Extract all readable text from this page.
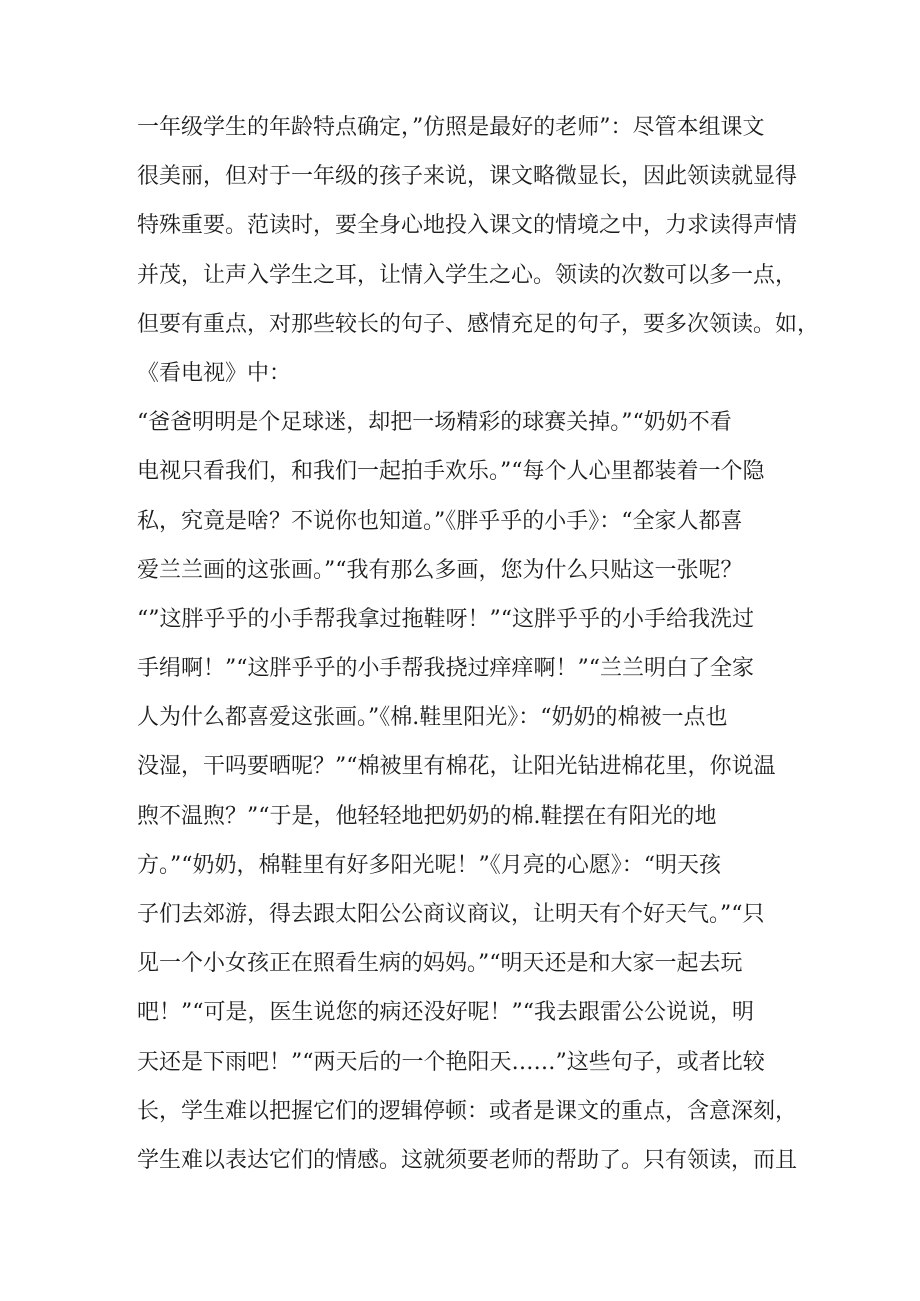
一年级学生的年龄特点确定，”仿照是最好的老师”：尽管本组课文
很美丽，但对于一年级的孩子来说，课文略微显长，因此领读就显得
特殊重要。范读时，要全身心地投入课文的情境之中，力求读得声情
并茂，让声入学生之耳，让情入学生之心。领读的次数可以多一点，
但要有重点，对那些较长的句子、感情充足的句子，要多次领读。如，
《看电视》中：
“爸爸明明是个足球迷，却把一场精彩的球赛关掉。”“奶奶不看
电视只看我们，和我们一起拍手欢乐。”“每个人心里都装着一个隐
私，究竟是啥？不说你也知道。”《胖乎乎的小手》：“全家人都喜
爱兰兰画的这张画。”“我有那么多画，您为什么只贴这一张呢？
“”这胖乎乎的小手帮我拿过拖鞋呀！”“这胖乎乎的小手给我洗过
手绢啊！”“这胖乎乎的小手帮我挠过痒痒啊！”“兰兰明白了全家
人为什么都喜爱这张画。”《棉.鞋里阳光》：“奶奶的棉被一点也
没湿，干吗要晒呢？”“棉被里有棉花，让阳光钻进棉花里，你说温
煦不温煦？”“于是，他轻轻地把奶奶的棉.鞋摆在有阳光的地
方。”“奶奶，棉鞋里有好多阳光呢！”《月亮的心愿》：“明天孩
子们去郊游，得去跟太阳公公商议商议，让明天有个好天气。”“只
见一个小女孩正在照看生病的妈妈。”“明天还是和大家一起去玩
吧！”“可是，医生说您的病还没好呢！”“我去跟雷公公说说，明
天还是下雨吧！”“两天后的一个艳阳天……”这些句子，或者比较
长，学生难以把握它们的逻辑停顿：或者是课文的重点，含意深刻，
学生难以表达它们的情感。这就须要老师的帮助了。只有领读，而且
